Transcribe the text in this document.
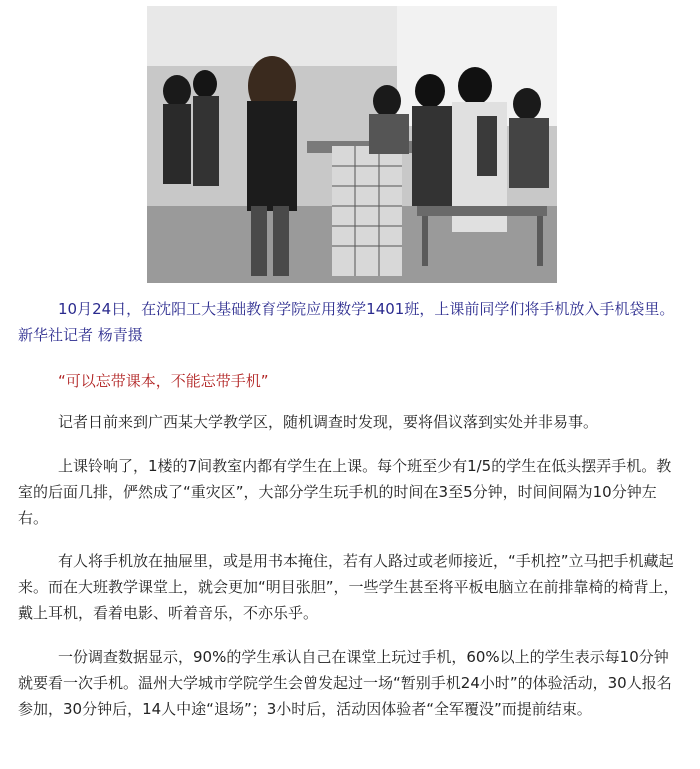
10月24日，在沈阳工大基础教育学院应用数学1401班，上课前同学们将手机放入手机袋里。新华社记者 杨青摄

“可以忘带课本，不能忘带手机”

记者日前来到广西某大学教学区，随机调查时发现，要将倡议落到实处并非易事。

上课铃响了，1楼的7间教室内都有学生在上课。每个班至少有1/5的学生在低头摆弄手机。教室的后面几排，俨然成了“重灾区”，大部分学生玩手机的时间在3至5分钟，时间间隔为10分钟左右。

有人将手机放在抽屉里，或是用书本掩住，若有人路过或老师接近，“手机控”立马把手机藏起来。而在大班教学课堂上，就会更加“明目张胆”，一些学生甚至将平板电脑立在前排靠椅的椅背上，戴上耳机，看着电影、听着音乐，不亦乐乎。

一份调查数据显示，90%的学生承认自己在课堂上玩过手机，60%以上的学生表示每10分钟就要看一次手机。温州大学城市学院学生会曾发起过一场“暂别手机24小时”的体验活动，30人报名参加，30分钟后，14人中途“退场”；3小时后，活动因体验者“全军覆没”而提前结束。
